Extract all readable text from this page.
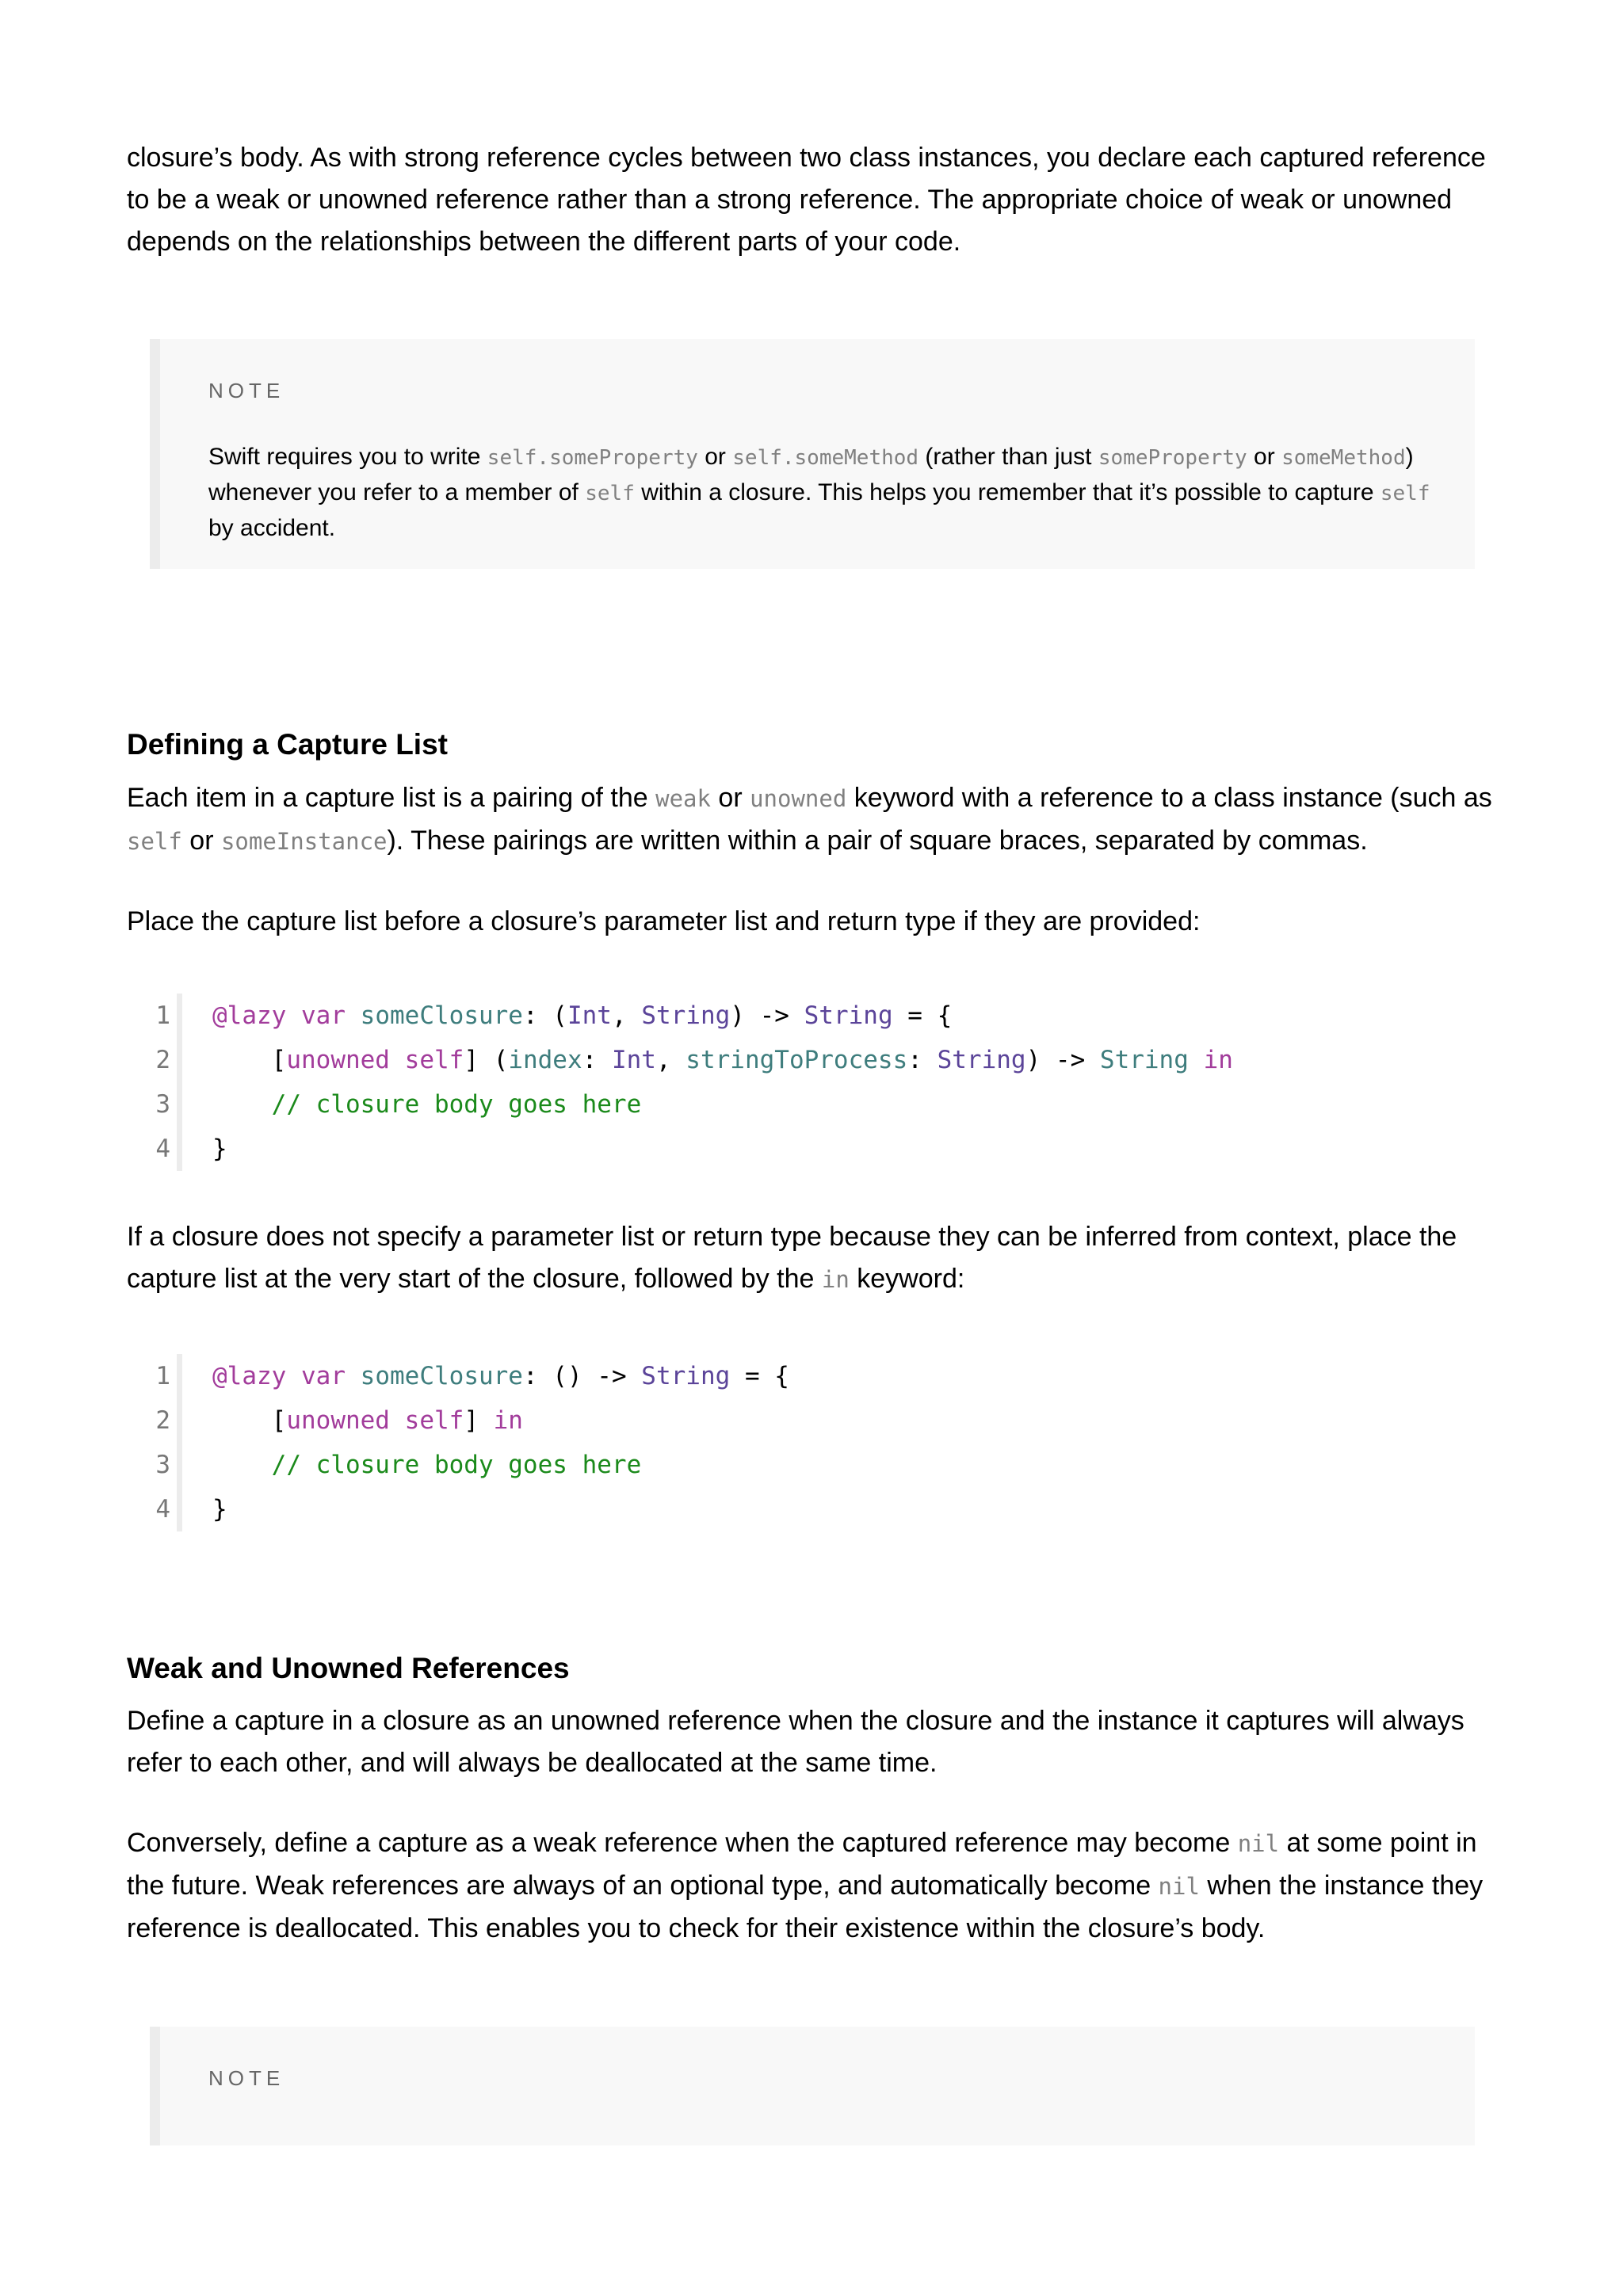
closure’s body. As with strong reference cycles between two class instances, you declare each captured reference
to be a weak or unowned reference rather than a strong reference. The appropriate choice of weak or unowned
depends on the relationships between the different parts of your code.

NOTE

Swift requires you to write self.someProperty or self.someMethod (rather than just someProperty or someMethod) whenever you refer to a member of self within a closure. This helps you remember that it’s possible to capture self by accident.

Defining a Capture List

Each item in a capture list is a pairing of the weak or unowned keyword with a reference to a class instance (such as
self or someInstance). These pairings are written within a pair of square braces, separated by commas.

Place the capture list before a closure’s parameter list and return type if they are provided:

1 @lazy var someClosure: (Int, String) -> String = {
2	[unowned self] (index: Int, stringToProcess: String) -> String in
3	// closure body goes here
4 }

If a closure does not specify a parameter list or return type because they can be inferred from context, place the
capture list at the very start of the closure, followed by the in keyword:

1 @lazy var someClosure: () -> String = {
2	[unowned self] in
3	// closure body goes here
4 }
Weak and Unowned References

Define a capture in a closure as an unowned reference when the closure and the instance it captures will always
refer to each other, and will always be deallocated at the same time.

Conversely, define a capture as a weak reference when the captured reference may become nil at some point in
the future. Weak references are always of an optional type, and automatically become nil when the instance they
reference is deallocated. This enables you to check for their existence within the closure’s body.

NOTE
